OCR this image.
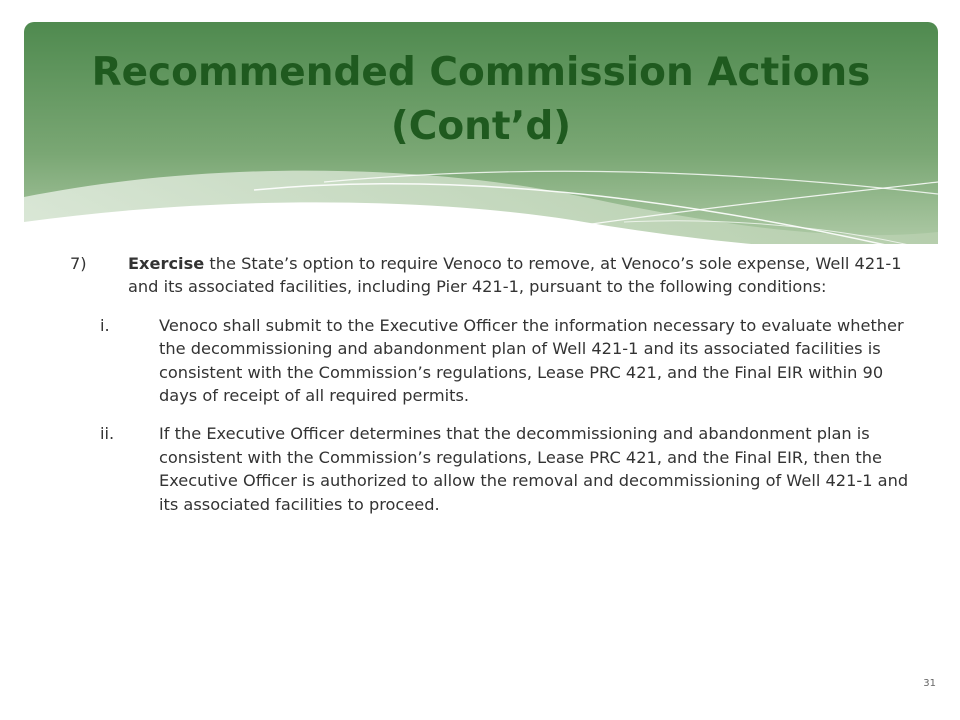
Recommended Commission Actions
(Cont’d)
7)	Exercise the State’s option to require Venoco to remove, at Venoco’s sole expense, Well 421-1 and its associated facilities, including Pier 421-1, pursuant to the following conditions:
i.	Venoco shall submit to the Executive Officer the information necessary to evaluate whether the decommissioning and abandonment plan of Well 421-1 and its associated facilities is consistent with the Commission’s regulations, Lease PRC 421, and the Final EIR within 90 days of receipt of all required permits.
ii.	If the Executive Officer determines that the decommissioning and abandonment plan is consistent with the Commission’s regulations, Lease PRC 421, and the Final EIR, then the Executive Officer is authorized to allow the removal and decommissioning of Well 421-1 and its associated facilities to proceed.
31
